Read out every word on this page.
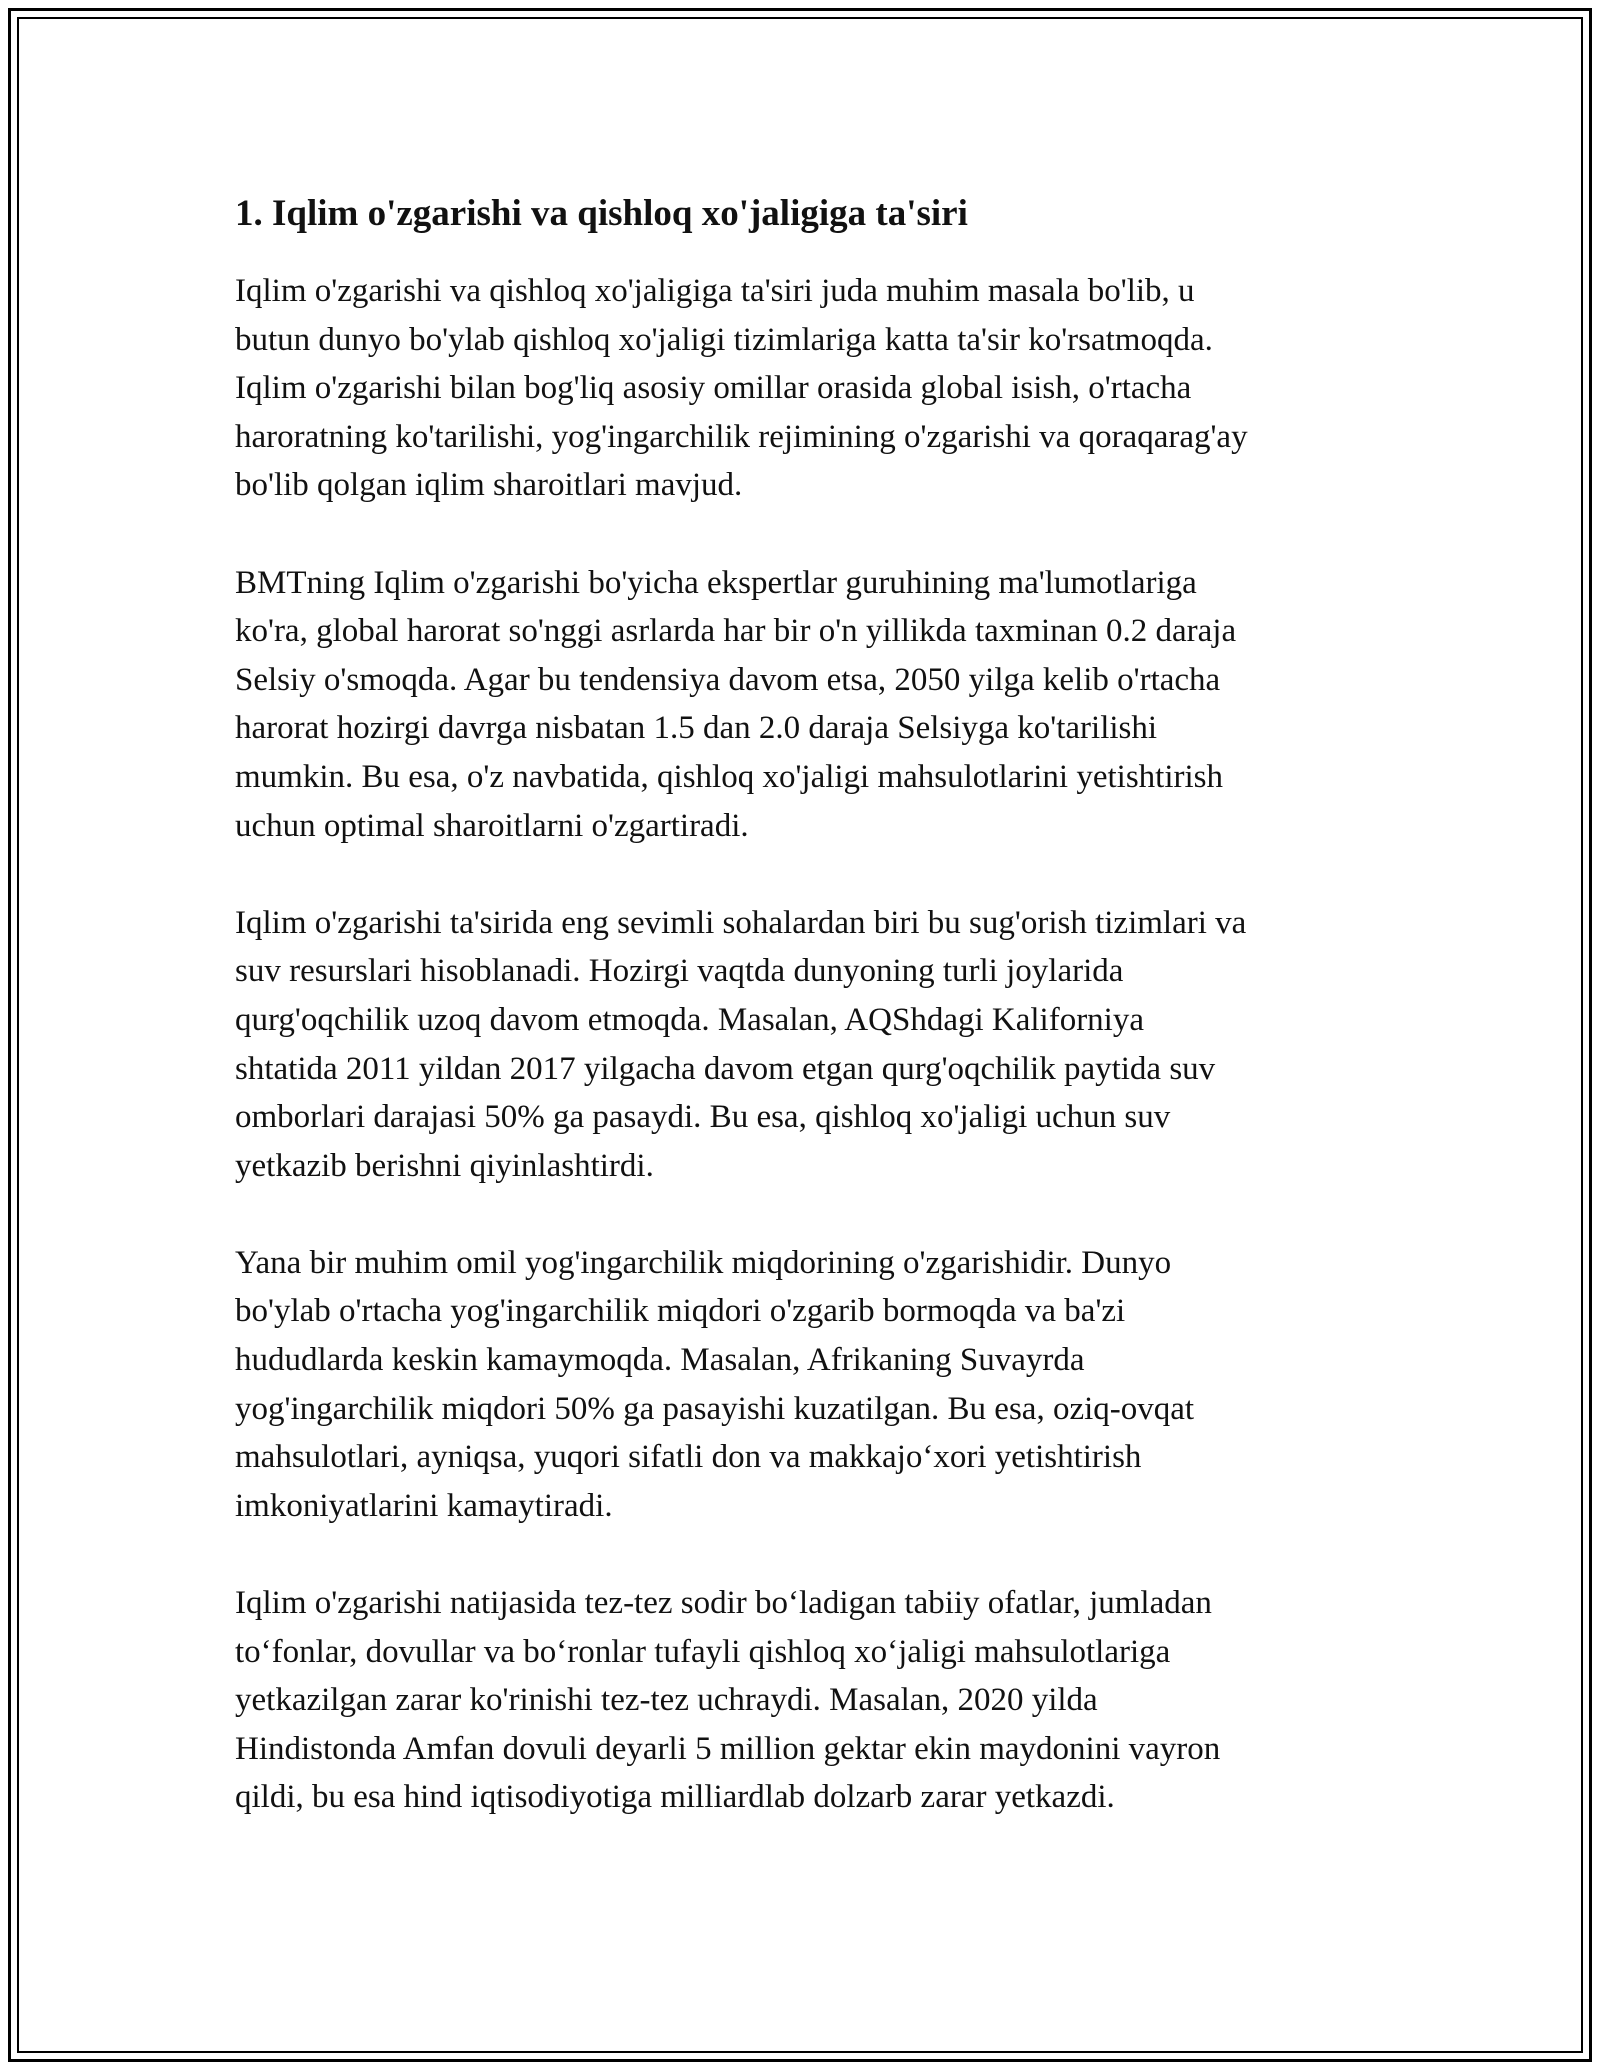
1. Iqlim o'zgarishi va qishloq xo'jaligiga ta'siri

Iqlim o'zgarishi va qishloq xo'jaligiga ta'siri juda muhim masala bo'lib, u
butun dunyo bo'ylab qishloq xo'jaligi tizimlariga katta ta'sir ko'rsatmoqda.
Iqlim o'zgarishi bilan bog'liq asosiy omillar orasida global isish, o'rtacha
haroratning ko'tarilishi, yog'ingarchilik rejimining o'zgarishi va qoraqarag'ay
bo'lib qolgan iqlim sharoitlari mavjud.

BMTning Iqlim o'zgarishi bo'yicha ekspertlar guruhining ma'lumotlariga
ko'ra, global harorat so'nggi asrlarda har bir o'n yillikda taxminan 0.2 daraja
Selsiy o'smoqda. Agar bu tendensiya davom etsa, 2050 yilga kelib o'rtacha
harorat hozirgi davrga nisbatan 1.5 dan 2.0 daraja Selsiyga ko'tarilishi
mumkin. Bu esa, o'z navbatida, qishloq xo'jaligi mahsulotlarini yetishtirish
uchun optimal sharoitlarni o'zgartiradi.

Iqlim o'zgarishi ta'sirida eng sevimli sohalardan biri bu sug'orish tizimlari va
suv resurslari hisoblanadi. Hozirgi vaqtda dunyoning turli joylarida
qurg'oqchilik uzoq davom etmoqda. Masalan, AQShdagi Kaliforniya
shtatida 2011 yildan 2017 yilgacha davom etgan qurg'oqchilik paytida suv
omborlari darajasi 50% ga pasaydi. Bu esa, qishloq xo'jaligi uchun suv
yetkazib berishni qiyinlashtirdi.

Yana bir muhim omil yog'ingarchilik miqdorining o'zgarishidir. Dunyo
bo'ylab o'rtacha yog'ingarchilik miqdori o'zgarib bormoqda va ba'zi
hududlarda keskin kamaymoqda. Masalan, Afrikaning Suvayrda
yog'ingarchilik miqdori 50% ga pasayishi kuzatilgan. Bu esa, oziq-ovqat
mahsulotlari, ayniqsa, yuqori sifatli don va makkajo‘xori yetishtirish
imkoniyatlarini kamaytiradi.

Iqlim o'zgarishi natijasida tez-tez sodir bo‘ladigan tabiiy ofatlar, jumladan
to‘fonlar, dovullar va bo‘ronlar tufayli qishloq xo‘jaligi mahsulotlariga
yetkazilgan zarar ko'rinishi tez-tez uchraydi. Masalan, 2020 yilda
Hindistonda Amfan dovuli deyarli 5 million gektar ekin maydonini vayron
qildi, bu esa hind iqtisodiyotiga milliardlab dolzarb zarar yetkazdi.
